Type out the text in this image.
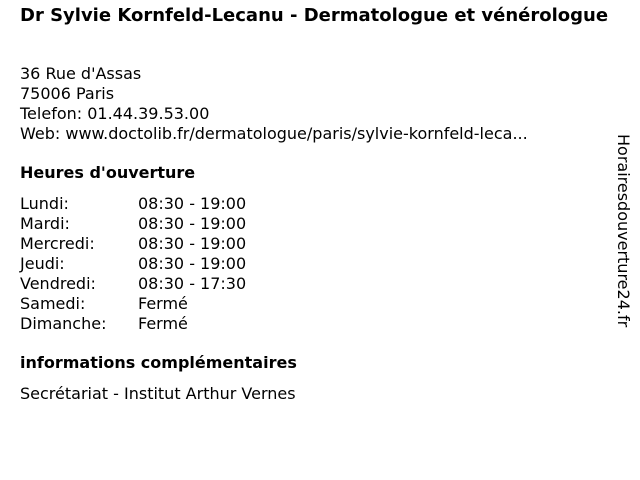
Dr Sylvie Kornfeld-Lecanu - Dermatologue et vénérologue
36 Rue d'Assas
75006 Paris
Telefon: 01.44.39.53.00
Web: www.doctolib.fr/dermatologue/paris/sylvie-kornfeld-leca...
Heures d'ouverture
Lundi:	08:30 - 19:00
Mardi:	08:30 - 19:00
Mercredi:	08:30 - 19:00
Jeudi:	08:30 - 19:00
Vendredi:	08:30 - 17:30
Samedi:	Fermé
Dimanche:	Fermé
informations complémentaires
Secrétariat - Institut Arthur Vernes
Horairesdouverture24.fr
